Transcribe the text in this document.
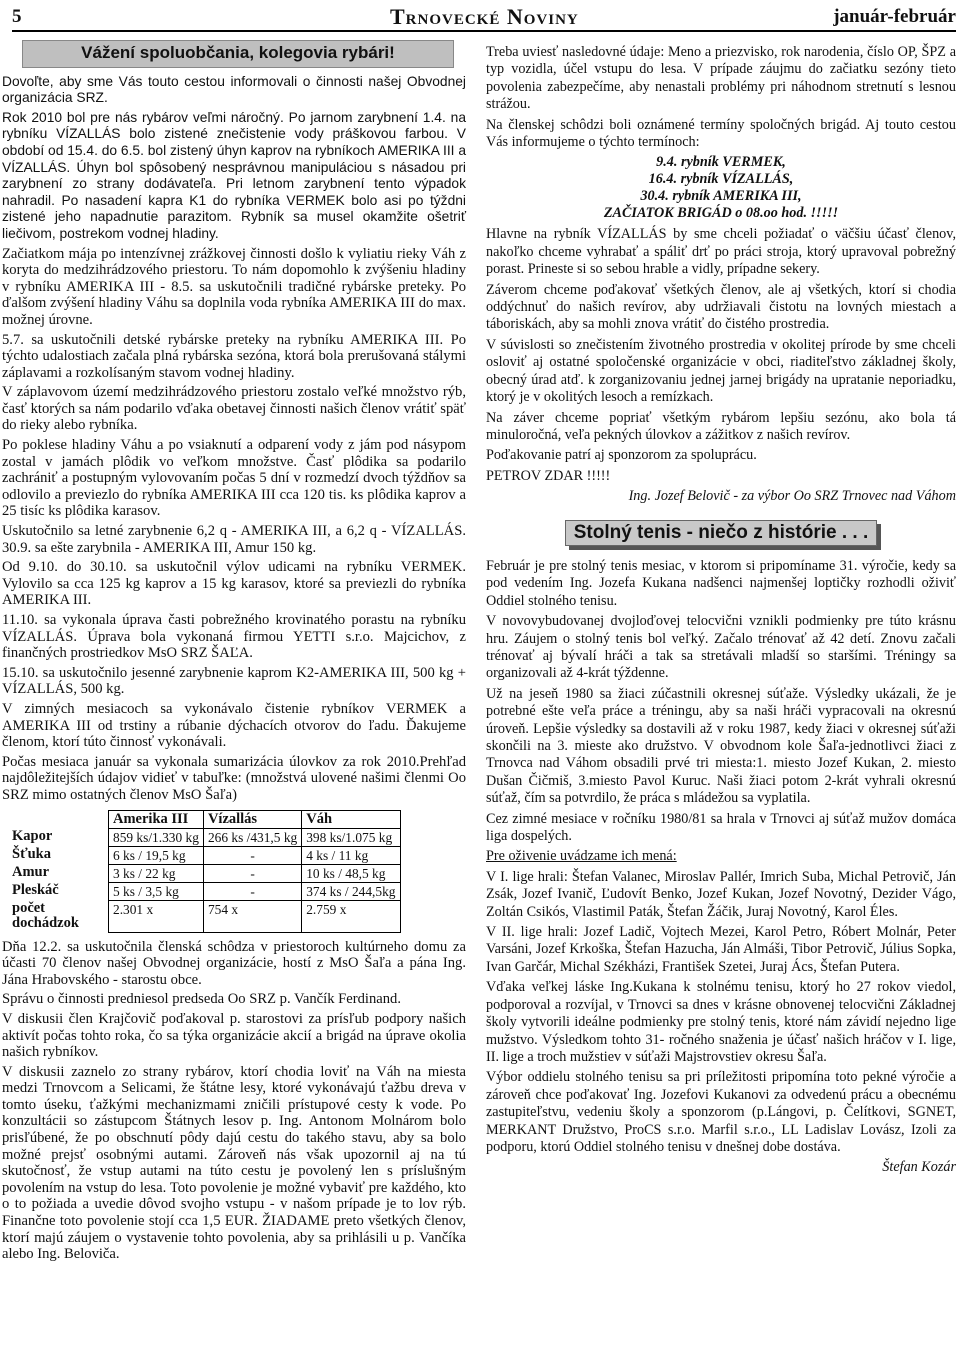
5	Trnovecké Noviny	január-február
Vážení spoluobčania, kolegovia rybári!

Dovoľte, aby sme Vás touto cestou informovali o činnosti našej Obvodnej organizácia SRZ.

Rok 2010 bol pre nás rybárov veľmi náročný. Po jarnom zarybnení 1.4. na rybníku VÍZALLÁS bolo zistené znečistenie vody práškovou farbou. V období od 15.4. do 6.5. bol zistený úhyn kaprov na rybníkoch AMERIKA III a VÍZALLÁS. Úhyn bol spôsobený nesprávnou manipuláciou s násadou pri zarybnení zo strany dodávateľa. Pri letnom zarybnení tento výpadok nahradil. Po nasadení kapra K1 do rybníka VERMEK bolo asi po týždni zistené jeho napadnutie parazitom. Rybník sa musel okamžite ošetriť liečivom, postrekom vodnej hladiny.

Začiatkom mája po intenzívnej zrážkovej činnosti došlo k vyliatiu rieky Váh z koryta do medzihrádzového priestoru. To nám dopomohlo k zvýšeniu hladiny v rybníku AMERIKA III - 8.5. sa uskutočnili tradičné rybárske preteky. Po ďalšom zvýšení hladiny Váhu sa doplnila voda rybníka AMERIKA III do max. možnej úrovne.

5.7. sa uskutočnili detské rybárske preteky na rybníku AMERIKA III. Po týchto udalostiach začala plná rybárska sezóna, ktorá bola prerušovaná stálymi záplavami a rozkolísaným stavom vodnej hladiny.

V záplavovom území medzihrádzového priestoru zostalo veľké množstvo rýb, časť ktorých sa nám podarilo vďaka obetavej činnosti našich členov vrátiť späť do rieky alebo rybníka.

Po poklese hladiny Váhu a po vsiaknutí a odparení vody z jám pod násypom zostal v jamách plôdik vo veľkom množstve. Časť plôdika sa podarilo zachrániť a postupným vylovovaním počas 5 dní v rozmedzí dvoch týždňov sa odlovilo a previezlo do rybníka AMERIKA III cca 120 tis. ks plôdika kaprov a 25 tisíc ks plôdika karasov.

Uskutočnilo sa letné zarybnenie 6,2 q - AMERIKA III, a 6,2 q - VÍZALLÁS. 30.9. sa ešte zarybnila - AMERIKA III, Amur 150 kg.

Od 9.10. do 30.10. sa uskutočnil výlov udicami na rybníku VERMEK. Vylovilo sa cca 125 kg kaprov a 15 kg karasov, ktoré sa previezli do rybníka AMERIKA III.

11.10. sa vykonala úprava časti pobrežného krovinatého porastu na rybníku VÍZALLÁS. Úprava bola vykonaná firmou YETTI s.r.o. Majcichov, z finančných prostriedkov MsO SRZ ŠAĽA.

15.10. sa uskutočnilo jesenné zarybnenie kaprom K2-AMERIKA III, 500 kg + VÍZALLÁS, 500 kg.

V zimných mesiacoch sa vykonávalo čistenie rybníkov VERMEK a AMERIKA III od trstiny a rúbanie dýchacích otvorov do ľadu. Ďakujeme členom, ktorí túto činnosť vykonávali.

Počas mesiaca január sa vykonala sumarizácia úlovkov za rok 2010.Prehľad najdôležitejších údajov vidieť v tabuľke: (množstvá ulovené našimi členmi Oo SRZ mimo ostatných členov MsO Šaľa)

	Amerika III	Vízallás	Váh
Kapor	859 ks/1.330 kg	266 ks /431,5 kg	398 ks/1.075 kg
Šťuka	6 ks / 19,5 kg	-	4 ks / 11 kg
Amur	3 ks / 22 kg	-	10 ks / 48,5 kg
Pleskáč	5 ks / 3,5 kg	-	374 ks / 244,5kg
počet dochádzok	2.301 x	754 x	2.759 x

Dňa 12.2. sa uskutočnila členská schôdza v priestoroch kultúrneho domu za účasti 70 členov našej Obvodnej organizácie, hostí z MsO Šaľa a pána Ing. Jána Hrabovského - starostu obce.

Správu o činnosti predniesol predseda Oo SRZ p. Vančík Ferdinand.

V diskusii člen Krajčovič poďakoval p. starostovi za prísľub podpory našich aktivít počas tohto roka, čo sa týka organizácie akcií a brigád na úprave okolia našich rybníkov.

V diskusii zaznelo zo strany rybárov, ktorí chodia loviť na Váh na miesta medzi Trnovcom a Selicami, že štátne lesy, ktoré vykonávajú ťažbu dreva v tomto úseku, ťažkými mechanizmami zničili prístupové cesty k vode. Po konzultácii so zástupcom Štátnych lesov p. Ing. Antonom Molnárom bolo prisľúbené, že po obschnutí pôdy dajú cestu do takého stavu, aby sa bolo možné prejsť osobnými autami. Zároveň nás však upozornil aj na tú skutočnosť, že vstup autami na túto cestu je povolený len s príslušným povolením na vstup do lesa. Toto povolenie je možné vybaviť pre každého, kto o to požiada a uvedie dôvod svojho vstupu - v našom prípade je to lov rýb. Finančne toto povolenie stojí cca 1,5 EUR. ŽIADAME preto všetkých členov, ktorí majú záujem o vystavenie tohto povolenia, aby sa prihlásili u p. Vančíka alebo Ing. Beloviča.

Treba uviesť nasledovné údaje: Meno a priezvisko, rok narodenia, číslo OP, ŠPZ a typ vozidla, účel vstupu do lesa. V prípade záujmu do začiatku sezóny tieto povolenia zabezpečíme, aby nenastali problémy pri náhodnom stretnutí s lesnou strážou.

Na členskej schôdzi boli oznámené termíny spoločných brigád. Aj touto cestou Vás informujeme o týchto termínoch:

9.4. rybník VERMEK,
16.4. rybník VÍZALLÁS,
30.4. rybník AMERIKA III,
ZAČIATOK BRIGÁD o 08.oo hod. !!!!!

Hlavne na rybník VÍZALLÁS by sme chceli požiadať o väčšiu účasť členov, nakoľko chceme vyhrabať a spáliť drť po práci stroja, ktorý upravoval pobrežný porast. Prineste si so sebou hrable a vidly, prípadne sekery.

Záverom chceme poďakovať všetkých členov, ale aj všetkých, ktorí si chodia oddýchnuť do našich revírov, aby udržiavali čistotu na lovných miestach a táboriskách, aby sa mohli znova vrátiť do čistého prostredia.

V súvislosti so znečistením životného prostredia v okolitej prírode by sme chceli osloviť aj ostatné spoločenské organizácie v obci, riaditeľstvo základnej školy, obecný úrad atď. k zorganizovaniu jednej jarnej brigády na upratanie neporiadku, ktorý je v okolitých lesoch a remízkach.

Na záver chceme popriať všetkým rybárom lepšiu sezónu, ako bola tá minuloročná, veľa pekných úlovkov a zážitkov z našich revírov.

Poďakovanie patrí aj sponzorom za spoluprácu.

PETROV ZDAR !!!!!

Ing. Jozef Belovič - za výbor Oo SRZ Trnovec nad Váhom

Stolný tenis - niečo z histórie . . .

Február je pre stolný tenis mesiac, v ktorom si pripomíname 31. výročie, kedy sa pod vedením Ing. Jozefa Kukana nadšenci najmenšej loptičky rozhodli oživiť Oddiel stolného tenisu.

V novovybudovanej dvojloďovej telocvični vznikli podmienky pre túto krásnu hru. Záujem o stolný tenis bol veľký. Začalo trénovať až 42 detí. Znovu začali trénovať aj bývalí hráči a tak sa stretávali mladší so staršími. Tréningy sa organizovali až 4-krát týždenne.

Už na jeseň 1980 sa žiaci zúčastnili okresnej súťaže. Výsledky ukázali, že je potrebné ešte veľa práce a tréningu, aby sa naši hráči vypracovali na okresnú úroveň. Lepšie výsledky sa dostavili až v roku 1987, kedy žiaci v okresnej súťaži skončili na 3. mieste ako družstvo. V obvodnom kole Šaľa-jednotlivci žiaci z Trnovca nad Váhom obsadili prvé tri miesta:1. miesto Jozef Kukan, 2. miesto Dušan Čičmiš, 3.miesto Pavol Kuruc. Naši žiaci potom 2-krát vyhrali okresnú súťaž, čím sa potvrdilo, že práca s mládežou sa vyplatila.

Cez zimné mesiace v ročníku 1980/81 sa hrala v Trnovci aj súťaž mužov domáca liga dospelých.

Pre oživenie uvádzame ich mená:

V I. lige hrali: Štefan Valanec, Miroslav Pallér, Imrich Suba, Michal Petrovič, Ján Zsák, Jozef Ivanič, Ľudovít Benko, Jozef Kukan, Jozef Novotný, Dezider Vágo, Zoltán Csikós, Vlastimil Paták, Štefan Žáčik, Juraj Novotný, Karol Éles.

V II. lige hrali: Jozef Ladič, Vojtech Mezei, Karol Petro, Róbert Molnár, Peter Varsáni, Jozef Krkoška, Štefan Hazucha, Ján Almáši, Tibor Petrovič, Július Sopka, Ivan Garčár, Michal Székházi, František Szetei, Juraj Ács, Štefan Putera.

Vďaka veľkej láske Ing.Kukana k stolnému tenisu, ktorý ho 27 rokov viedol, podporoval a rozvíjal, v Trnovci sa dnes v krásne obnovenej telocvični Základnej školy vytvorili ideálne podmienky pre stolný tenis, ktoré nám závidí nejedno lige mužstvo. Výsledkom tohto 31- ročného snaženia je účasť našich hráčov v I. lige, II. lige a troch mužstiev v súťaži Majstrovstiev okresu Šaľa.

Výbor oddielu stolného tenisu sa pri príležitosti pripomína toto pekné výročie a zároveň chce poďakovať Ing. Jozefovi Kukanovi za odvedenú prácu a obecnému zastupiteľstvu, vedeniu školy a sponzorom (p.Lángovi, p. Čelítkovi, SGNET, MERKANT Družstvo, ProCS s.r.o. Marfil s.r.o., LL Ladislav Lovász, Izoli za podporu, ktorú Oddiel stolného tenisu v dnešnej dobe dostáva.

Štefan Kozár
